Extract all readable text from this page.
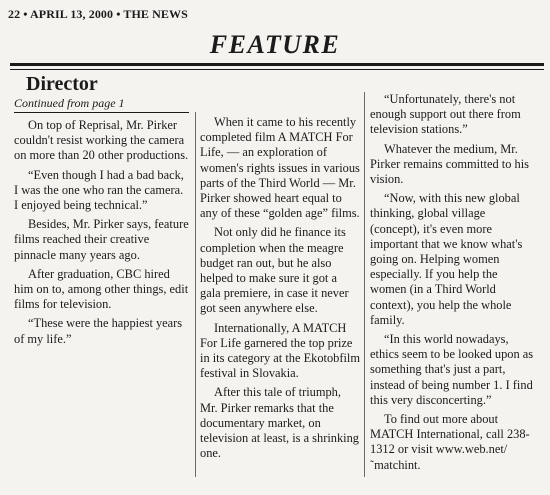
22 • APRIL 13, 2000 • THE NEWS
FEATURE
Director
Continued from page 1

On top of Reprisal, Mr. Pirker couldn't resist working the camera on more than 20 other productions.

“Even though I had a bad back, I was the one who ran the camera. I enjoyed being technical.”

Besides, Mr. Pirker says, feature films reached their creative pinnacle many years ago.

After graduation, CBC hired him on to, among other things, edit films for television.

“These were the happiest years of my life.”

When it came to his recently completed film A MATCH For Life, — an exploration of women's rights issues in various parts of the Third World — Mr. Pirker showed heart equal to any of these “golden age” films.

Not only did he finance its completion when the meagre budget ran out, but he also helped to make sure it got a gala premiere, in case it never got seen anywhere else.

Internationally, A MATCH For Life garnered the top prize in its category at the Ekotobfilm festival in Slovakia.

After this tale of triumph, Mr. Pirker remarks that the documentary market, on television at least, is a shrinking one.

“Unfortunately, there's not enough support out there from television stations.”

Whatever the medium, Mr. Pirker remains committed to his vision.

“Now, with this new global thinking, global village (concept), it's even more important that we know what's going on. Helping women especially. If you help the women (in a Third World context), you help the whole family.

“In this world nowadays, ethics seem to be looked upon as something that's just a part, instead of being number 1. I find this very disconcerting.”

To find out more about MATCH International, call 238-1312 or visit www.web.net/˜matchint.
